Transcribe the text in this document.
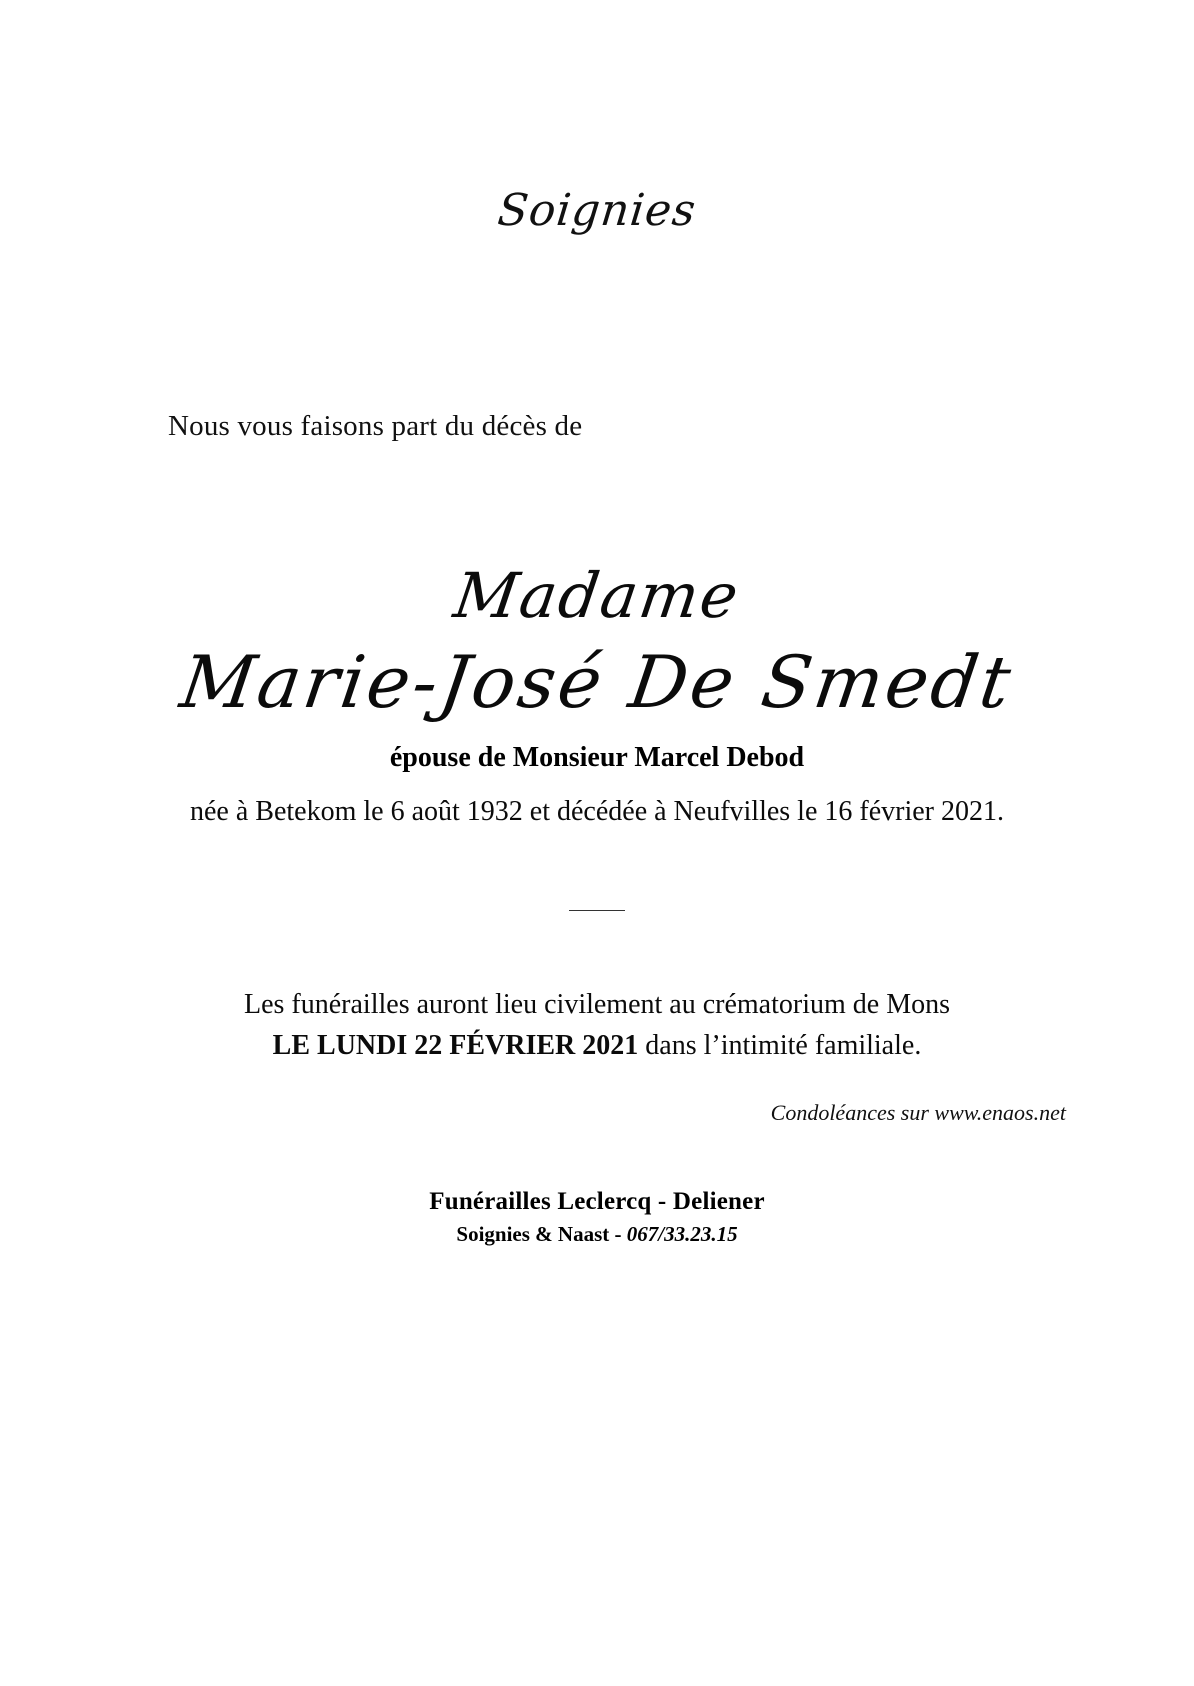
Soignies
Nous vous faisons part du décès de
Madame
Marie-José De Smedt
épouse de Monsieur Marcel Debod
née à Betekom le 6 août 1932 et décédée à Neufvilles le 16 février 2021.
Les funérailles auront lieu civilement au crématorium de Mons
LE LUNDI 22 FÉVRIER 2021 dans l’intimité familiale.
Condoléances sur www.enaos.net
Funérailles Leclercq - Deliener
Soignies & Naast - 067/33.23.15
